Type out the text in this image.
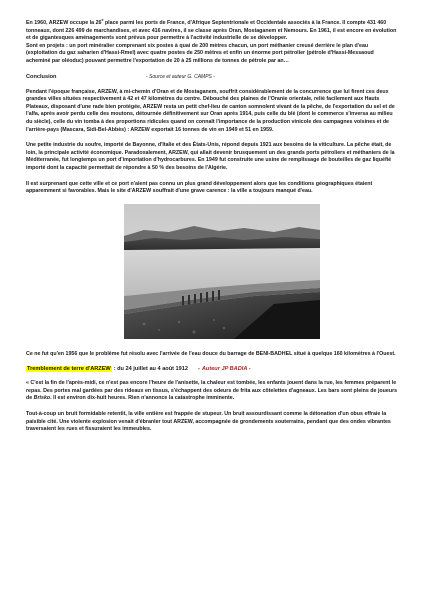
En 1960, ARZEW occupe la 26e place parmi les ports de France, d'Afrique Septentrionale et Occidentale associés à la France. Il compte 431 460 tonneaux, dont 226 499 de marchandises, et avec 416 navires, il se classe après Oran, Mostaganem et Nemours. En 1961, il est encore en évolution et de gigantesques aménagements sont prévus pour permettre à l'activité industrielle de se développer.
Sont en projets : un port minéralier comprenant six postes à quai de 200 mètres chacun, un port méthanier creusé derrière le plan d'eau (exploitation du gaz saharien d'Hassi-Rmel) avec quatre postes de 250 mètres et enfin un énorme port pétrolier (pétrole d'Hassi-Messaoud acheminé par oléoduc) pouvant permettre l'exportation de 20 à 25 millions de tonnes de pétrole par an…

Conclusion	- Source et auteur G. CAMPS -

Pendant l'époque française, ARZEW, à mi-chemin d'Oran et de Mostaganem, souffrit considérablement de la concurrence que lui firent ces deux grandes villes situées respectivement à 42 et 47 kilomètres du centre. Débouché des plaines de l'Oranie orientale, relié facilement aux Hauts Plateaux, disposant d'une rade bien protégée, ARZEW resta un petit chef-lieu de canton somnolent vivant de la pêche, de l'exportation du sel et de l'alfa, après avoir perdu celle des moutons, détournée définitivement sur Oran après 1914, puis celle du blé (dont le commerce s'inversa au milieu du siècle), celle du vin tomba à des proportions ridicules quand on connaît l'importance de la production vinicole des campagnes voisines et de l'arrière-pays (Mascara, Sidi-Bel-Abbès) : ARZEW exportait 16 tonnes de vin en 1949 et 51 en 1959.

Une petite industrie du soufre, importé de Bayonne, d'Italie et des États-Unis, répond depuis 1921 aux besoins de la viticulture. La pêche était, de loin, la principale activité économique. Paradoxalement, ARZEW, qui allait devenir brusquement un des grands ports pétroliers et méthaniers de la Méditerranée, fut longtemps un port d'importation d'hydrocarbures. En 1949 fut construite une usine de remplissage de bouteilles de gaz liquéfié importé dont la capacité permettait de répondre à 50 % des besoins de l'Algérie.

Il est surprenant que cette ville et ce port n'aient pas connu un plus grand développement alors que les conditions géographiques étaient apparemment si favorables. Mais le site d'ARZEW souffrait d'une grave carence : la ville a toujours manqué d'eau.

Ce ne fut qu'en 1956 que le problème fut résolu avec l'arrivée de l'eau douce du barrage de BENI-BADHEL situé à quelque 160 kilomètres à l'Ouest.

Tremblement de terre d'ARZEW : du 24 juillet au 4 août 1912 - Auteur JP BADIA -

« C'est la fin de l'après-midi, ce n'est pas encore l'heure de l'anisette, la chaleur est tombée, les enfants jouent dans la rue, les femmes préparent le repas. Des portes mal gardées par des rideaux en tissus, s'échappent des odeurs de frita aux côtelettes d'agneaux. Les bars sont pleins de joueurs de Brisko. Il est environ dix-huit heures. Rien n'annonce la catastrophe imminente.

Tout-à-coup un bruit formidable retentit, la ville entière est frappée de stupeur. Un bruit assourdissant comme la détonation d'un obus effraie la paisible cité. Une violente explosion venait d'ébranler tout ARZEW, accompagnée de grondements souterrains, pendant que des ondes vibrantes traversaient les rues et fissuraient les immeubles.
